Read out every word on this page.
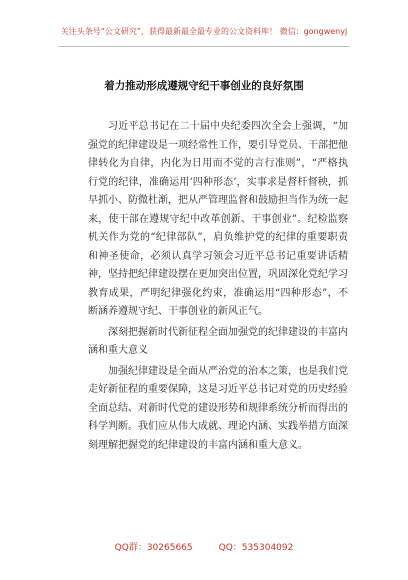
关注头条号“公文研究”，获得最新最全最专业的公文资料库！ 微信：gongwenyj
着力推动形成遵规守纪干事创业的良好氛围

习近平总书记在二十届中央纪委四次全会上强调，“加强党的纪律建设是一项经常性工作，要引导党员、干部把他律转化为自律，内化为日用而不觉的言行准则”，“严格执行党的纪律，准确运用‘四种形态’，实事求是督杆督秧，抓早抓小、防微杜渐，把从严管理监督和鼓励担当作为统一起来，使干部在遵规守纪中改革创新、干事创业”。纪检监察机关作为党的“纪律部队”，肩负维护党的纪律的重要职责和神圣使命，必须认真学习领会习近平总书记重要讲话精神，坚持把纪律建设摆在更加突出位置，巩固深化党纪学习教育成果，严明纪律强化约束，准确运用“四种形态”，不断涵养遵规守纪、干事创业的新风正气。

深刻把握新时代新征程全面加强党的纪律建设的丰富内涵和重大意义

加强纪律建设是全面从严治党的治本之策，也是我们党走好新征程的重要保障，这是习近平总书记对党的历史经验全面总结、对新时代党的建设形势和规律系统分析而得出的科学判断。我们应从伟大成就、理论内涵、实践举措方面深刻理解把握党的纪律建设的丰富内涵和重大意义。

QQ群：30265665	QQ：535304092
